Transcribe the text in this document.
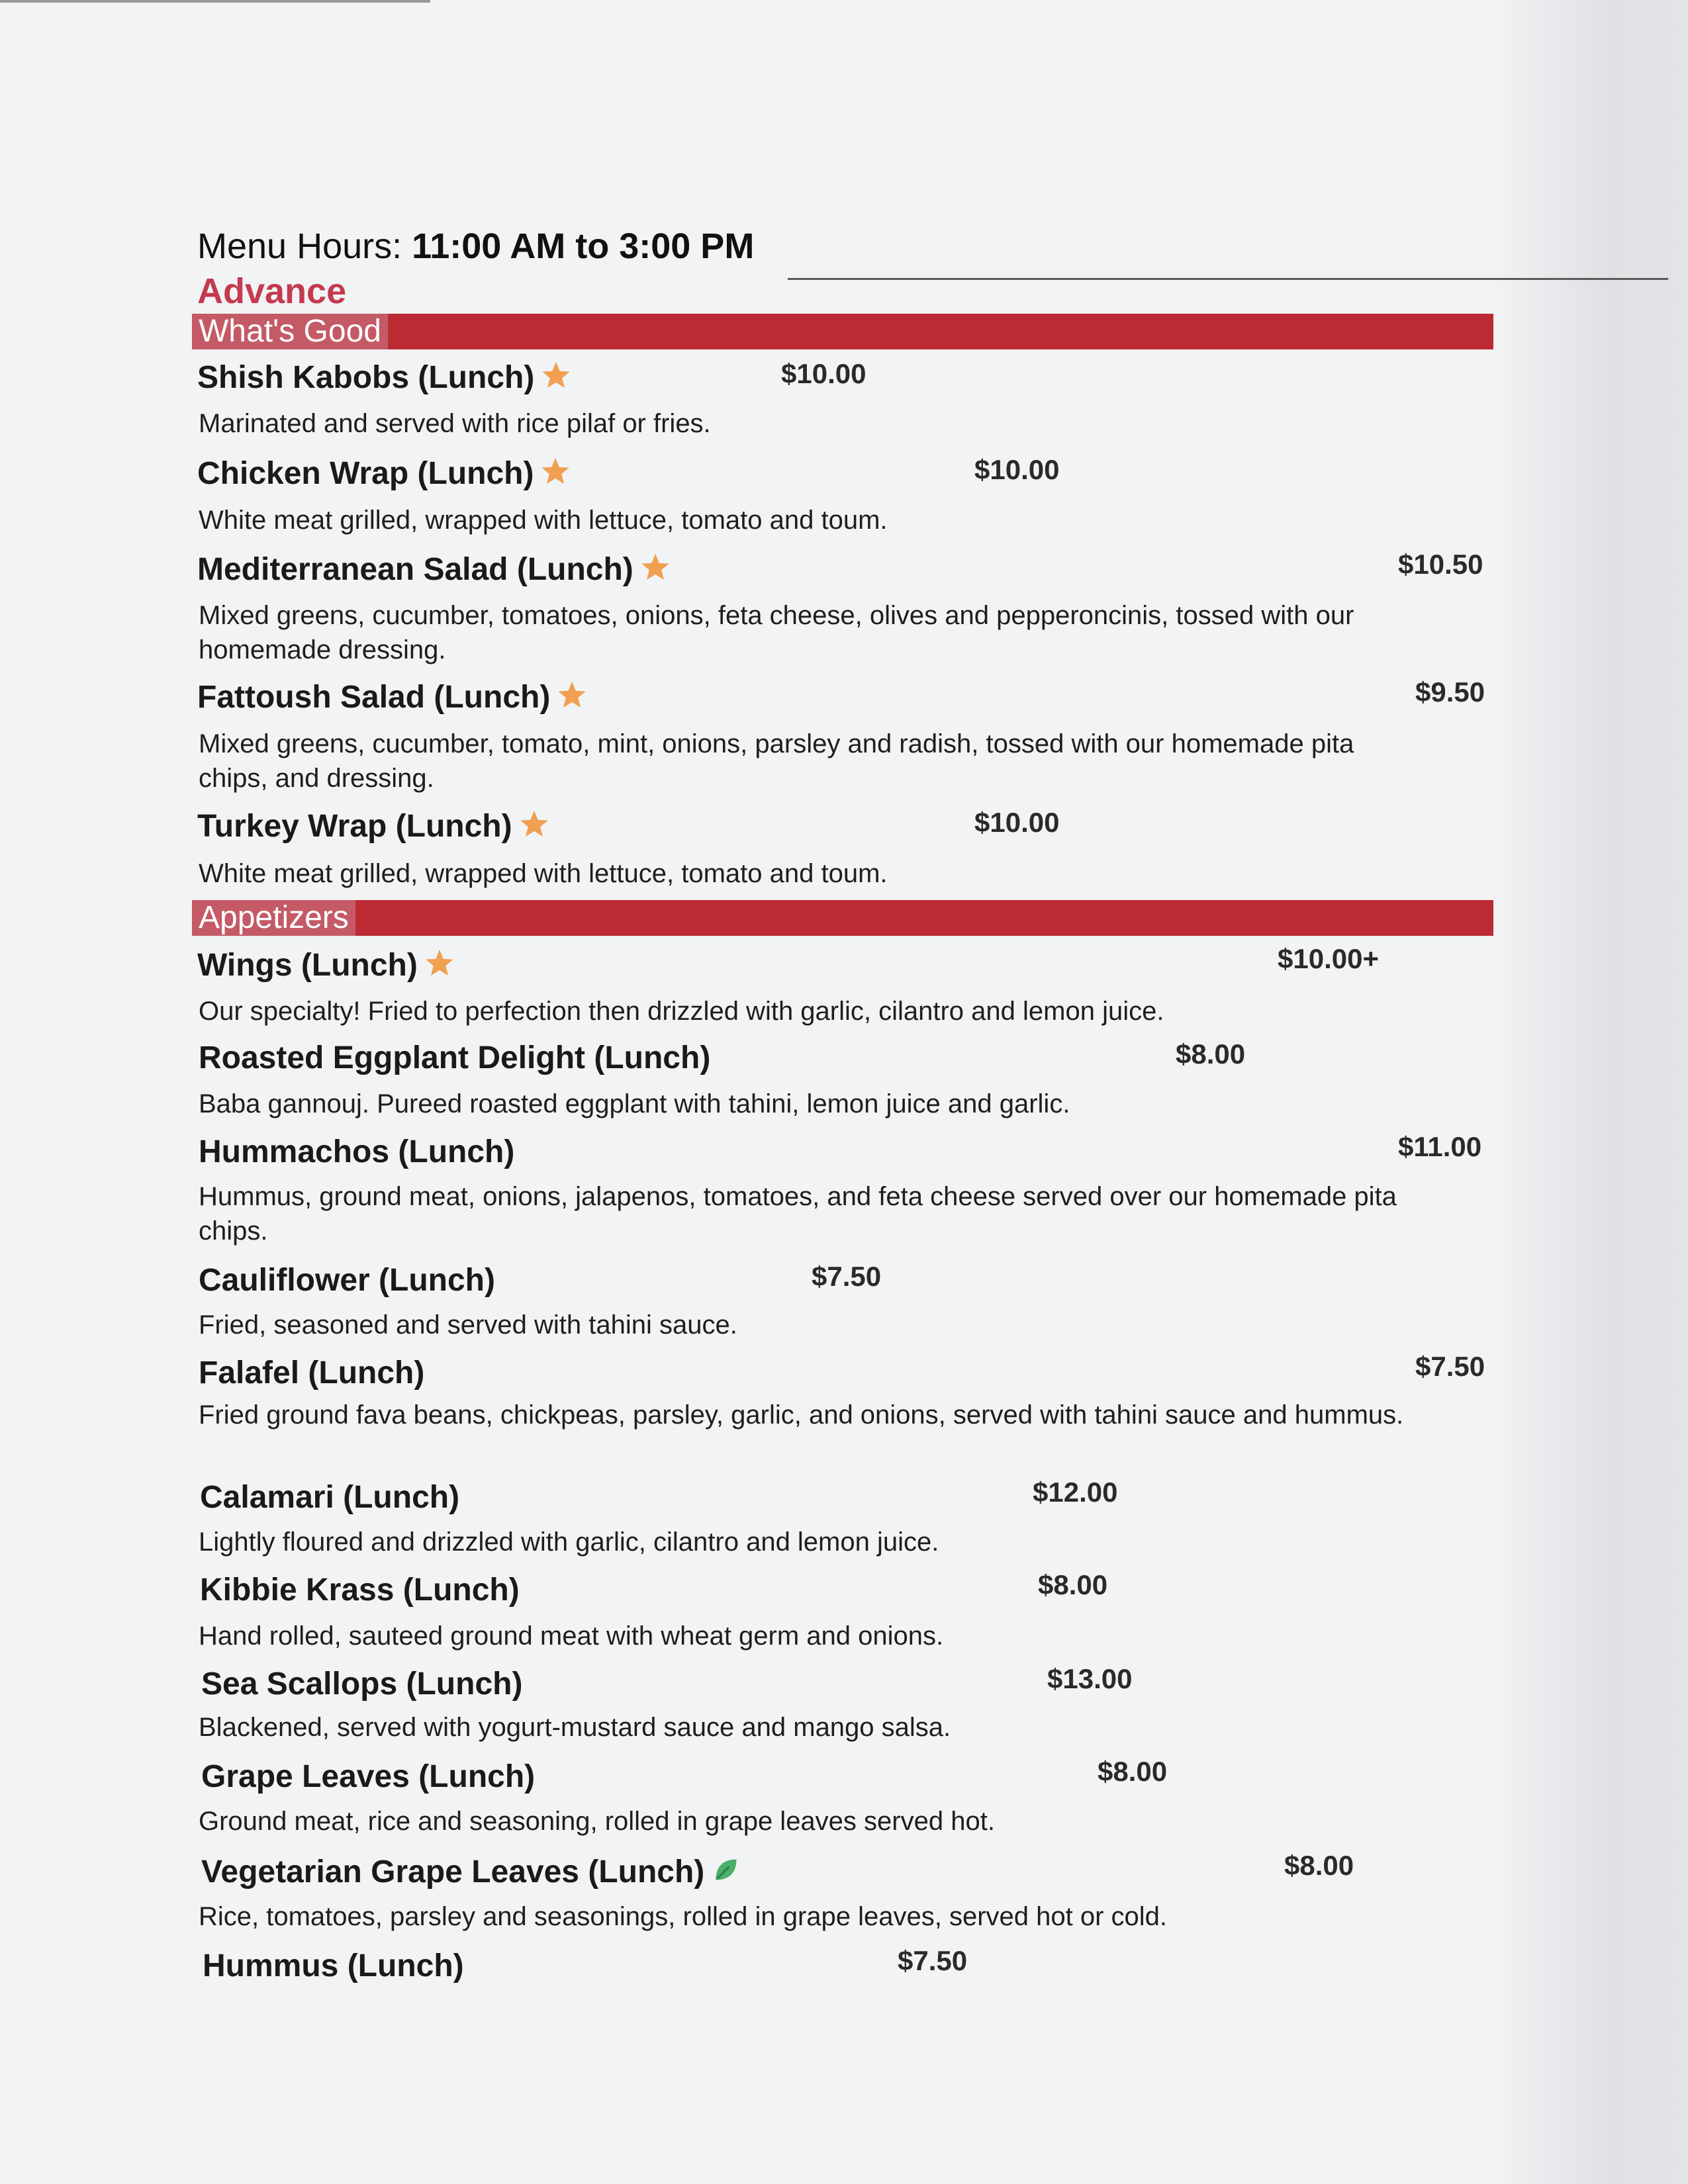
Menu Hours: 11:00 AM to 3:00 PM
Advance
What's Good
Shish Kabobs (Lunch)	$10.00
Marinated and served with rice pilaf or fries.
Chicken Wrap (Lunch)	$10.00
White meat grilled, wrapped with lettuce, tomato and toum.
Mediterranean Salad (Lunch)	$10.50
Mixed greens, cucumber, tomatoes, onions, feta cheese, olives and pepperoncinis, tossed with our homemade dressing.
Fattoush Salad (Lunch)	$9.50
Mixed greens, cucumber, tomato, mint, onions, parsley and radish, tossed with our homemade pita chips, and dressing.
Turkey Wrap (Lunch)	$10.00
White meat grilled, wrapped with lettuce, tomato and toum.
Appetizers
Wings (Lunch)	$10.00+
Our specialty! Fried to perfection then drizzled with garlic, cilantro and lemon juice.
Roasted Eggplant Delight (Lunch)	$8.00
Baba gannouj. Pureed roasted eggplant with tahini, lemon juice and garlic.
Hummachos (Lunch)	$11.00
Hummus, ground meat, onions, jalapenos, tomatoes, and feta cheese served over our homemade pita chips.
Cauliflower (Lunch)	$7.50
Fried, seasoned and served with tahini sauce.
Falafel (Lunch)	$7.50
Fried ground fava beans, chickpeas, parsley, garlic, and onions, served with tahini sauce and hummus.
Calamari (Lunch)	$12.00
Lightly floured and drizzled with garlic, cilantro and lemon juice.
Kibbie Krass (Lunch)	$8.00
Hand rolled, sauteed ground meat with wheat germ and onions.
Sea Scallops (Lunch)	$13.00
Blackened, served with yogurt-mustard sauce and mango salsa.
Grape Leaves (Lunch)	$8.00
Ground meat, rice and seasoning, rolled in grape leaves served hot.
Vegetarian Grape Leaves (Lunch)	$8.00
Rice, tomatoes, parsley and seasonings, rolled in grape leaves, served hot or cold.
Hummus (Lunch)	$7.50
